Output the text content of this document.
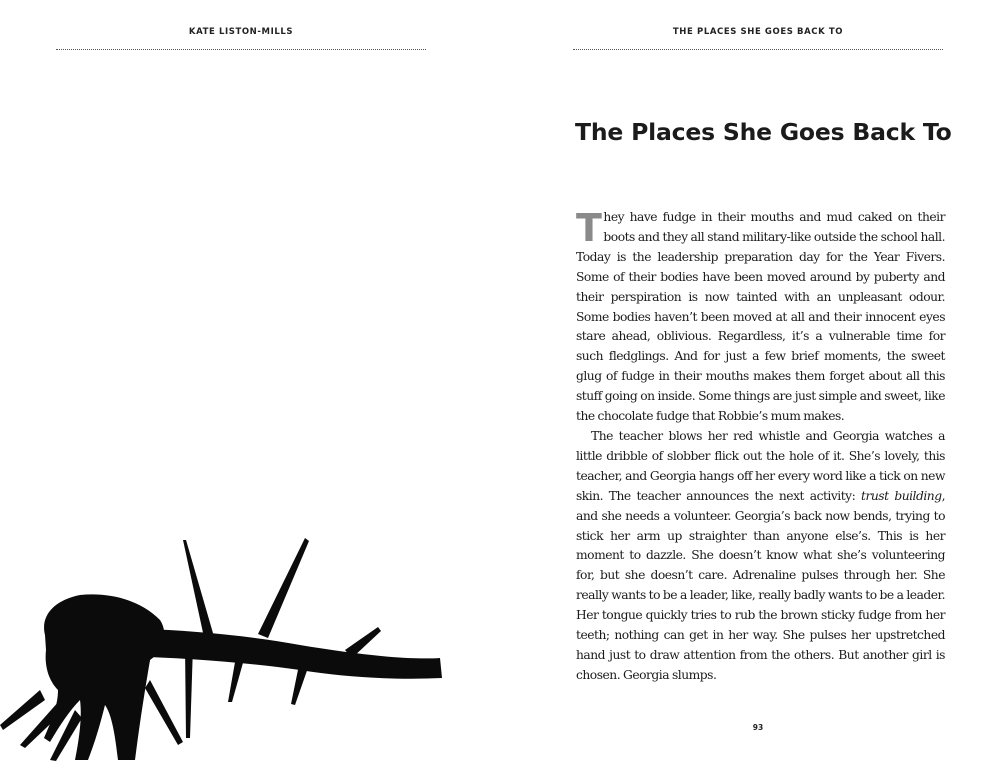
KATE LISTON-MILLS	THE PLACES SHE GOES BACK TO
The Places She Goes Back To

They have fudge in their mouths and mud caked on their boots and they all stand military-like outside the school hall. Today is the leadership preparation day for the Year Fivers. Some of their bodies have been moved around by puberty and their perspiration is now tainted with an unpleasant odour. Some bodies haven’t been moved at all and their innocent eyes stare ahead, oblivious. Regardless, it’s a vulnerable time for such fledglings. And for just a few brief moments, the sweet glug of fudge in their mouths makes them forget about all this stuff going on inside. Some things are just simple and sweet, like the chocolate fudge that Robbie’s mum makes.

The teacher blows her red whistle and Georgia watches a little dribble of slobber flick out the hole of it. She’s lovely, this teacher, and Georgia hangs off her every word like a tick on new skin. The teacher announces the next activity: trust building, and she needs a volunteer. Georgia’s back now bends, trying to stick her arm up straighter than anyone else’s. This is her moment to dazzle. She doesn’t know what she’s volunteering for, but she doesn’t care. Adrenaline pulses through her. She really wants to be a leader, like, really badly wants to be a leader. Her tongue quickly tries to rub the brown sticky fudge from her teeth; nothing can get in her way. She pulses her upstretched hand just to draw attention from the others. But another girl is chosen. Georgia slumps.

93
